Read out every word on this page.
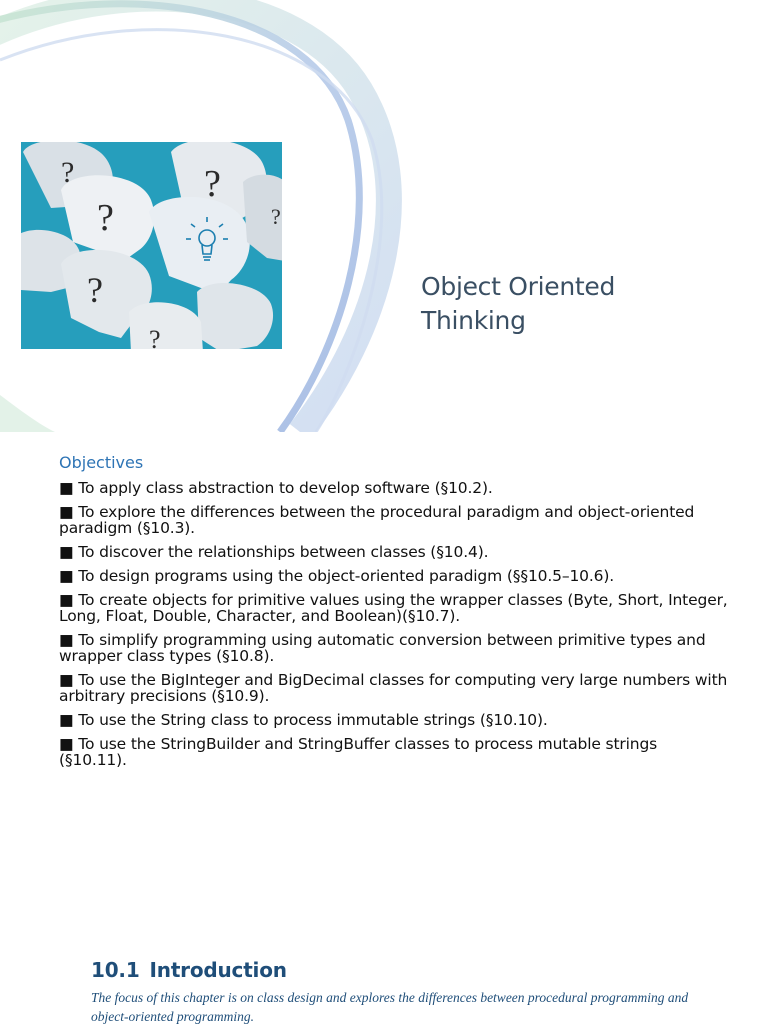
?	?
?
?
?
?
Object Oriented
Thinking
Objectives
■ To apply class abstraction to develop software (§10.2).
■ To explore the differences between the procedural paradigm and object-oriented paradigm (§10.3).
■ To discover the relationships between classes (§10.4).
■ To design programs using the object-oriented paradigm (§§10.5–10.6).
■ To create objects for primitive values using the wrapper classes (Byte, Short, Integer, Long, Float, Double, Character, and Boolean)(§10.7).
■ To simplify programming using automatic conversion between primitive types and wrapper class types (§10.8).
■ To use the BigInteger and BigDecimal classes for computing very large numbers with arbitrary precisions (§10.9).
■ To use the String class to process immutable strings (§10.10).
■ To use the StringBuilder and StringBuffer classes to process mutable strings (§10.11).
10.1 Introduction

The focus of this chapter is on class design and explores the differences between procedural programming and object-oriented programming.
